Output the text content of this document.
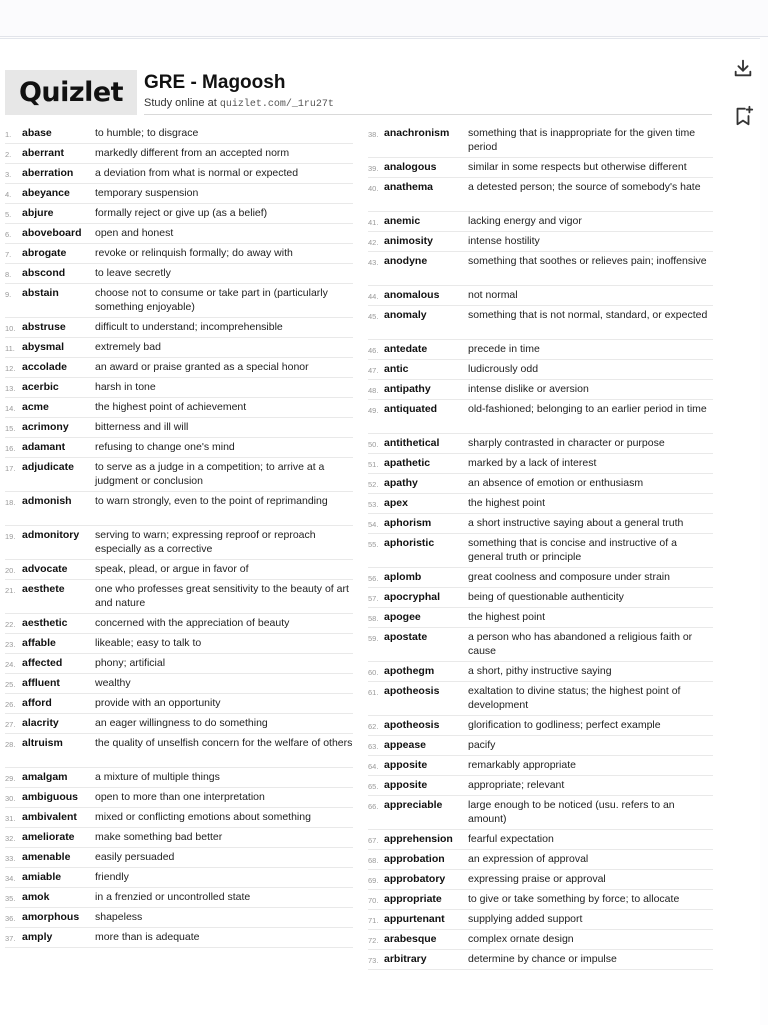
Quizlet GRE - Magoosh
Study online at quizlet.com/_1ru27t
1.	abase	to humble; to disgrace
2.	aberrant	markedly different from an accepted norm
3.	aberration	a deviation from what is normal or expected
4.	abeyance	temporary suspension
5.	abjure	formally reject or give up (as a belief)
6.	aboveboard	open and honest
7.	abrogate	revoke or relinquish formally; do away with
8.	abscond	to leave secretly
9.	abstain	choose not to consume or take part in (particularly something enjoyable)
10. abstruse	difficult to understand; incomprehensible
11. abysmal	extremely bad
12. accolade	an award or praise granted as a special honor
13. acerbic	harsh in tone
14. acme	the highest point of achievement
15. acrimony	bitterness and ill will
16. adamant	refusing to change one's mind
17. adjudicate	to serve as a judge in a competition; to arrive at a judgment or conclusion
18. admonish	to warn strongly, even to the point of reprimanding
19. admonitory	serving to warn; expressing reproof or reproach especially as a corrective
20. advocate	speak, plead, or argue in favor of
21. aesthete	one who professes great sensitivity to the beauty of art and nature
22. aesthetic	concerned with the appreciation of beauty
23. affable	likeable; easy to talk to
24. affected	phony; artificial
25. affluent	wealthy
26. afford	provide with an opportunity
27. alacrity	an eager willingness to do something
28. altruism	the quality of unselfish concern for the welfare of others
29. amalgam	a mixture of multiple things
30. ambiguous	open to more than one interpretation
31. ambivalent	mixed or conflicting emotions about something
32. ameliorate	make something bad better
33. amenable	easily persuaded
34. amiable	friendly
35. amok	in a frenzied or uncontrolled state
36. amorphous	shapeless
37. amply	more than is adequate
38. anachronism	something that is inappropriate for the given time period
39. analogous	similar in some respects but otherwise different
40. anathema	a detested person; the source of somebody's hate
41. anemic	lacking energy and vigor
42. animosity	intense hostility
43. anodyne	something that soothes or relieves pain; inoffensive
44. anomalous	not normal
45. anomaly	something that is not normal, standard, or expected
46. antedate	precede in time
47. antic	ludicrously odd
48. antipathy	intense dislike or aversion
49. antiquated	old-fashioned; belonging to an earlier period in time
50. antithetical	sharply contrasted in character or purpose
51. apathetic	marked by a lack of interest
52. apathy	an absence of emotion or enthusiasm
53. apex	the highest point
54. aphorism	a short instructive saying about a general truth
55. aphoristic	something that is concise and instructive of a general truth or principle
56. aplomb	great coolness and composure under strain
57. apocryphal	being of questionable authenticity
58. apogee	the highest point
59. apostate	a person who has abandoned a religious faith or cause
60. apothegm	a short, pithy instructive saying
61. apotheosis	exaltation to divine status; the highest point of development
62. apotheosis	glorification to godliness; perfect example
63. appease	pacify
64. apposite	remarkably appropriate
65. apposite	appropriate; relevant
66. appreciable	large enough to be noticed (usu. refers to an amount)
67. apprehension	fearful expectation
68. approbation	an expression of approval
69. approbatory	expressing praise or approval
70. appropriate	to give or take something by force; to allocate
71. appurtenant	supplying added support
72. arabesque	complex ornate design
73. arbitrary	determine by chance or impulse
